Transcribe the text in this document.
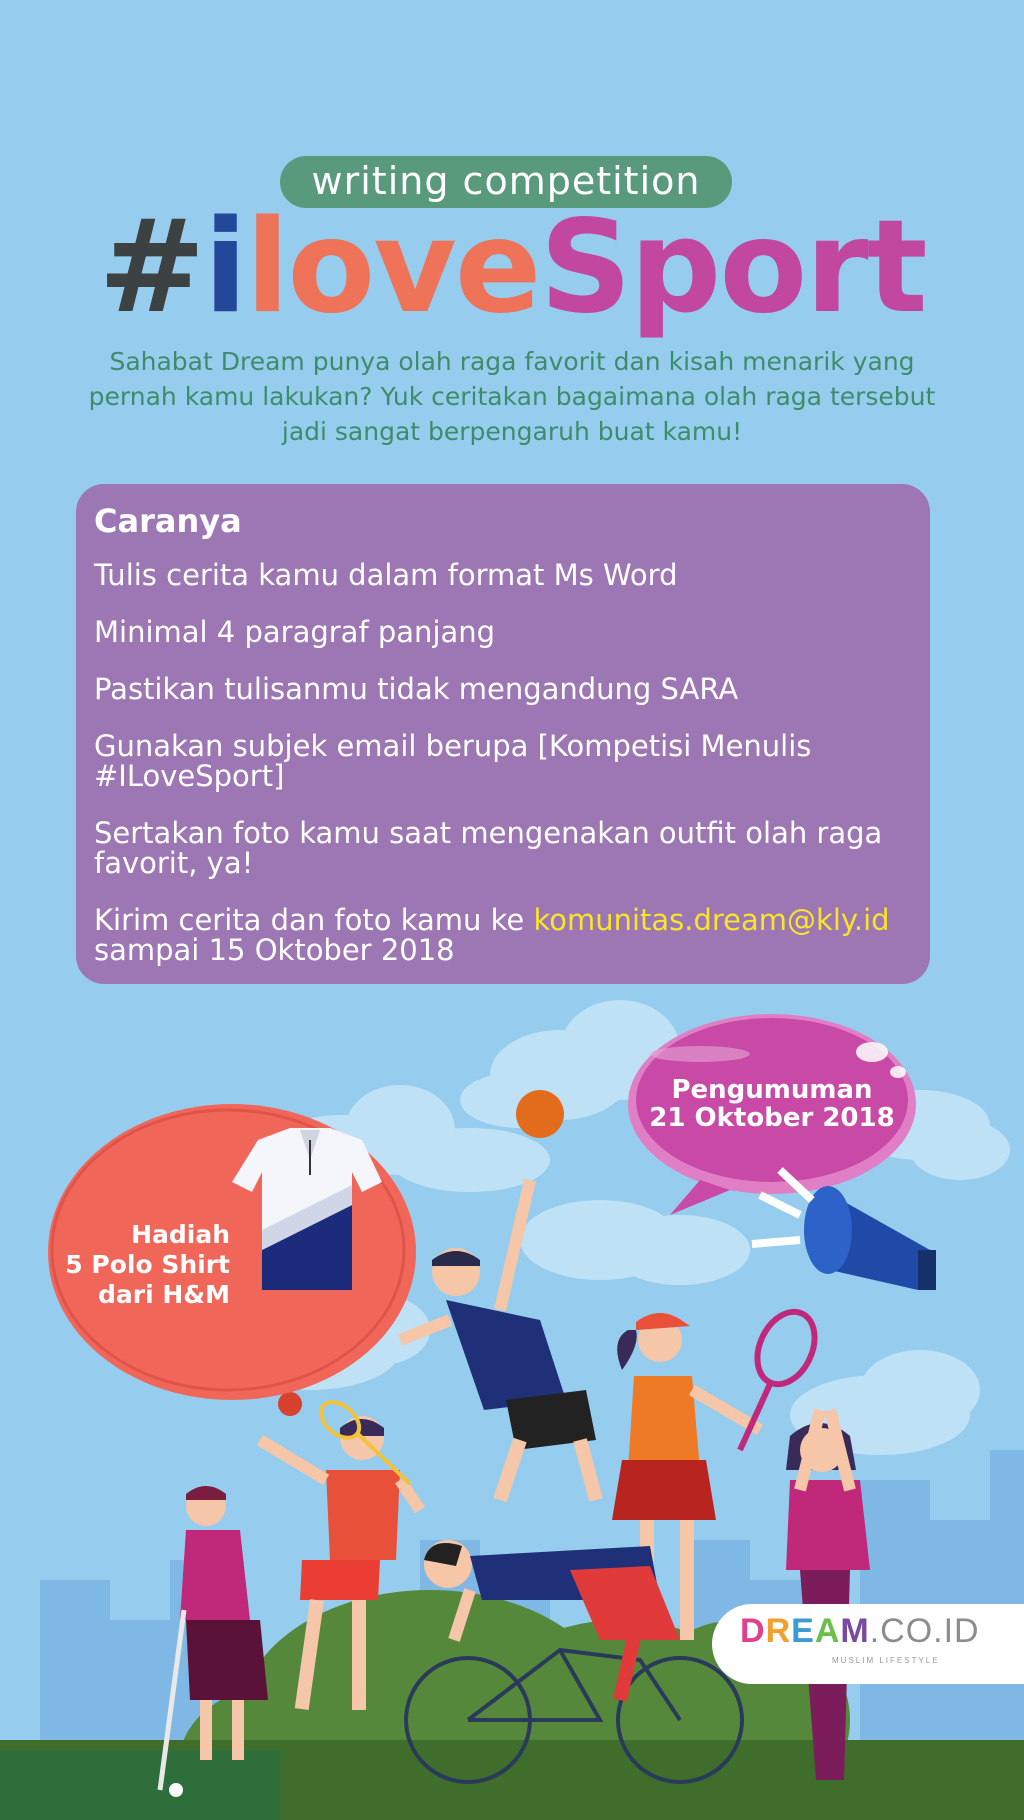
writing competition
#iloveSport

Sahabat Dream punya olah raga favorit dan kisah menarik yang pernah kamu lakukan? Yuk ceritakan bagaimana olah raga tersebut jadi sangat berpengaruh buat kamu!

Caranya
Tulis cerita kamu dalam format Ms Word
Minimal 4 paragraf panjang
Pastikan tulisanmu tidak mengandung SARA
Gunakan subjek email berupa [Kompetisi Menulis #ILoveSport]
Sertakan foto kamu saat mengenakan outfit olah raga favorit, ya!
Kirim cerita dan foto kamu ke komunitas.dream@kly.id
sampai 15 Oktober 2018
Hadiah
5 Polo Shirt
dari H&M
Pengumuman
21 Oktober 2018
DREAM.CO.ID
MUSLIM LIFESTYLE
